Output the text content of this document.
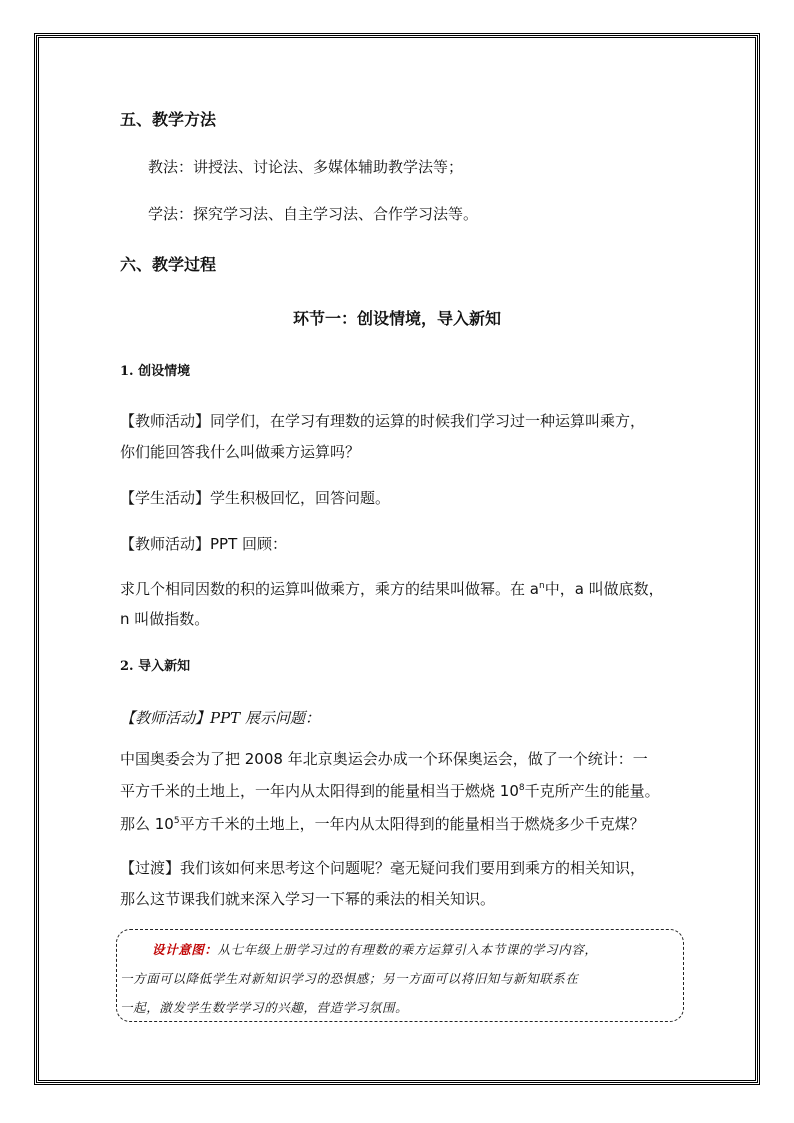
五、教学方法
教法：讲授法、讨论法、多媒体辅助教学法等；
学法：探究学习法、自主学习法、合作学习法等。
六、教学过程
环节一：创设情境，导入新知
1. 创设情境
【教师活动】同学们，在学习有理数的运算的时候我们学习过一种运算叫乘方，
你们能回答我什么叫做乘方运算吗？
【学生活动】学生积极回忆，回答问题。
【教师活动】PPT 回顾：
求几个相同因数的积的运算叫做乘方，乘方的结果叫做幂。在 $a^n$中，a 叫做底数，
n 叫做指数。
2. 导入新知
【教师活动】PPT 展示问题：
中国奥委会为了把 2008 年北京奥运会办成一个环保奥运会，做了一个统计：一
平方千米的土地上，一年内从太阳得到的能量相当于燃烧 $10^8$千克所产生的能量。
那么 $10^5$平方千米的土地上，一年内从太阳得到的能量相当于燃烧多少千克煤？
【过渡】我们该如何来思考这个问题呢？毫无疑问我们要用到乘方的相关知识，
那么这节课我们就来深入学习一下幂的乘法的相关知识。
设计意图：从七年级上册学习过的有理数的乘方运算引入本节课的学习内容，
一方面可以降低学生对新知识学习的恐惧感；另一方面可以将旧知与新知联系在
一起，激发学生数学学习的兴趣，营造学习氛围。
